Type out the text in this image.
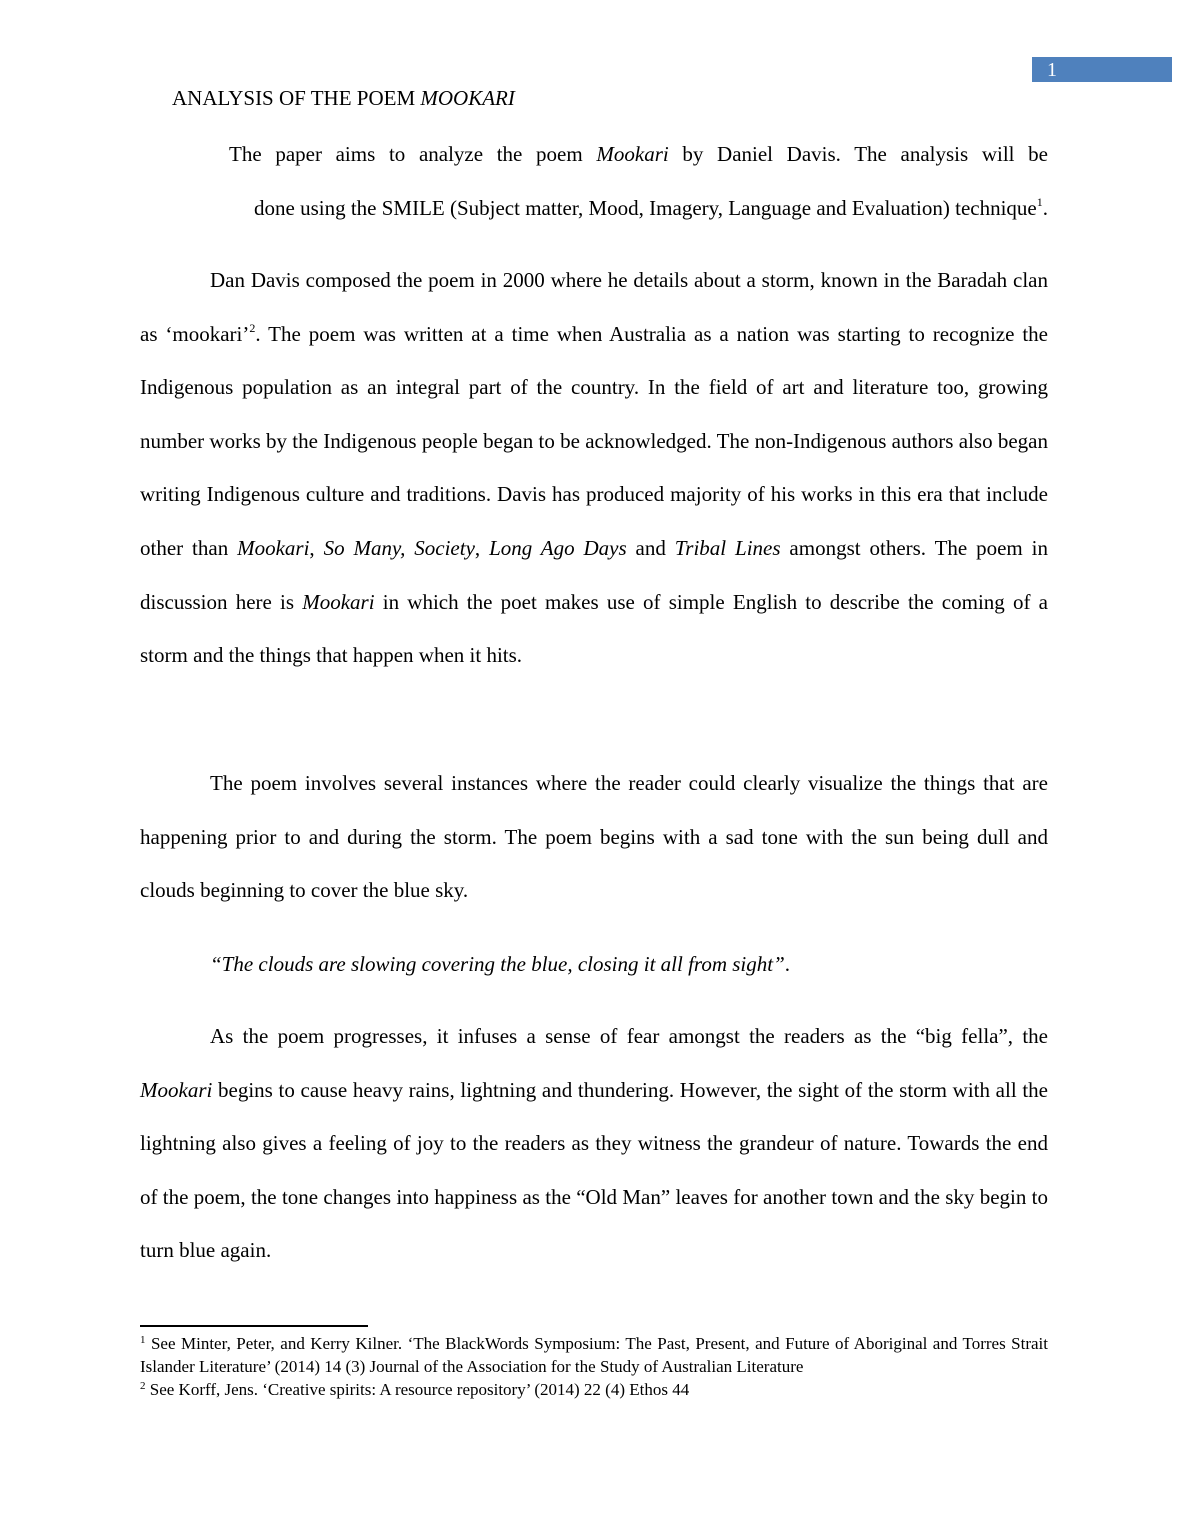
1
ANALYSIS OF THE POEM MOOKARI
The paper aims to analyze the poem Mookari by Daniel Davis. The analysis will be
done using the SMILE (Subject matter, Mood, Imagery, Language and Evaluation) technique$^1$.

Dan Davis composed the poem in 2000 where he details about a storm, known in the Baradah clan as ‘mookari’$^2$. The poem was written at a time when Australia as a nation was starting to recognize the Indigenous population as an integral part of the country. In the field of art and literature too, growing number works by the Indigenous people began to be acknowledged. The non-Indigenous authors also began writing Indigenous culture and traditions. Davis has produced majority of his works in this era that include other than Mookari, So Many, Society, Long Ago Days and Tribal Lines amongst others. The poem in discussion here is Mookari in which the poet makes use of simple English to describe the coming of a storm and the things that happen when it hits.

The poem involves several instances where the reader could clearly visualize the things that are happening prior to and during the storm. The poem begins with a sad tone with the sun being dull and clouds beginning to cover the blue sky.

“The clouds are slowing covering the blue, closing it all from sight”.

As the poem progresses, it infuses a sense of fear amongst the readers as the “big fella”, the Mookari begins to cause heavy rains, lightning and thundering. However, the sight of the storm with all the lightning also gives a feeling of joy to the readers as they witness the grandeur of nature. Towards the end of the poem, the tone changes into happiness as the “Old Man” leaves for another town and the sky begin to turn blue again.

$^1$ See Minter, Peter, and Kerry Kilner. ‘The BlackWords Symposium: The Past, Present, and Future of Aboriginal and Torres Strait Islander Literature’ (2014) 14 (3) Journal of the Association for the Study of Australian Literature

$^2$ See Korff, Jens. ‘Creative spirits: A resource repository’ (2014) 22 (4) Ethos 44
